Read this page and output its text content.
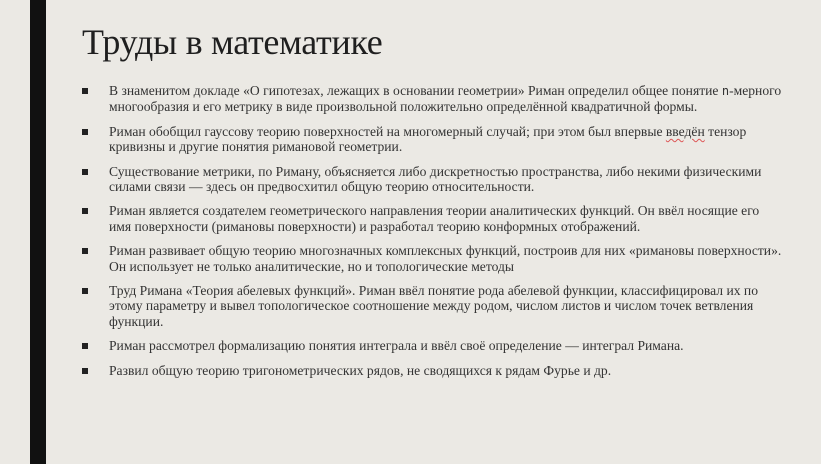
Труды в математике
В знаменитом докладе «О гипотезах, лежащих в основании геометрии» Риман определил общее понятие n-мерного многообразия и его метрику в виде произвольной положительно определённой квадратичной формы.
Риман обобщил гауссову теорию поверхностей на многомерный случай; при этом был впервые введён тензор кривизны и другие понятия римановой геометрии.
Существование метрики, по Риману, объясняется либо дискретностью пространства, либо некими физическими силами связи — здесь он предвосхитил общую теорию относительности.
Риман является создателем геометрического направления теории аналитических функций. Он ввёл носящие его имя поверхности (римановы поверхности) и разработал теорию конформных отображений.
Риман развивает общую теорию многозначных комплексных функций, построив для них «римановы поверхности». Он использует не только аналитические, но и топологические методы
Труд Римана «Теория абелевых функций». Риман ввёл понятие рода абелевой функции, классифицировал их по этому параметру и вывел топологическое соотношение между родом, числом листов и числом точек ветвления функции.
Риман рассмотрел формализацию понятия интеграла и ввёл своё определение — интеграл Римана.
Развил общую теорию тригонометрических рядов, не сводящихся к рядам Фурье и др.
